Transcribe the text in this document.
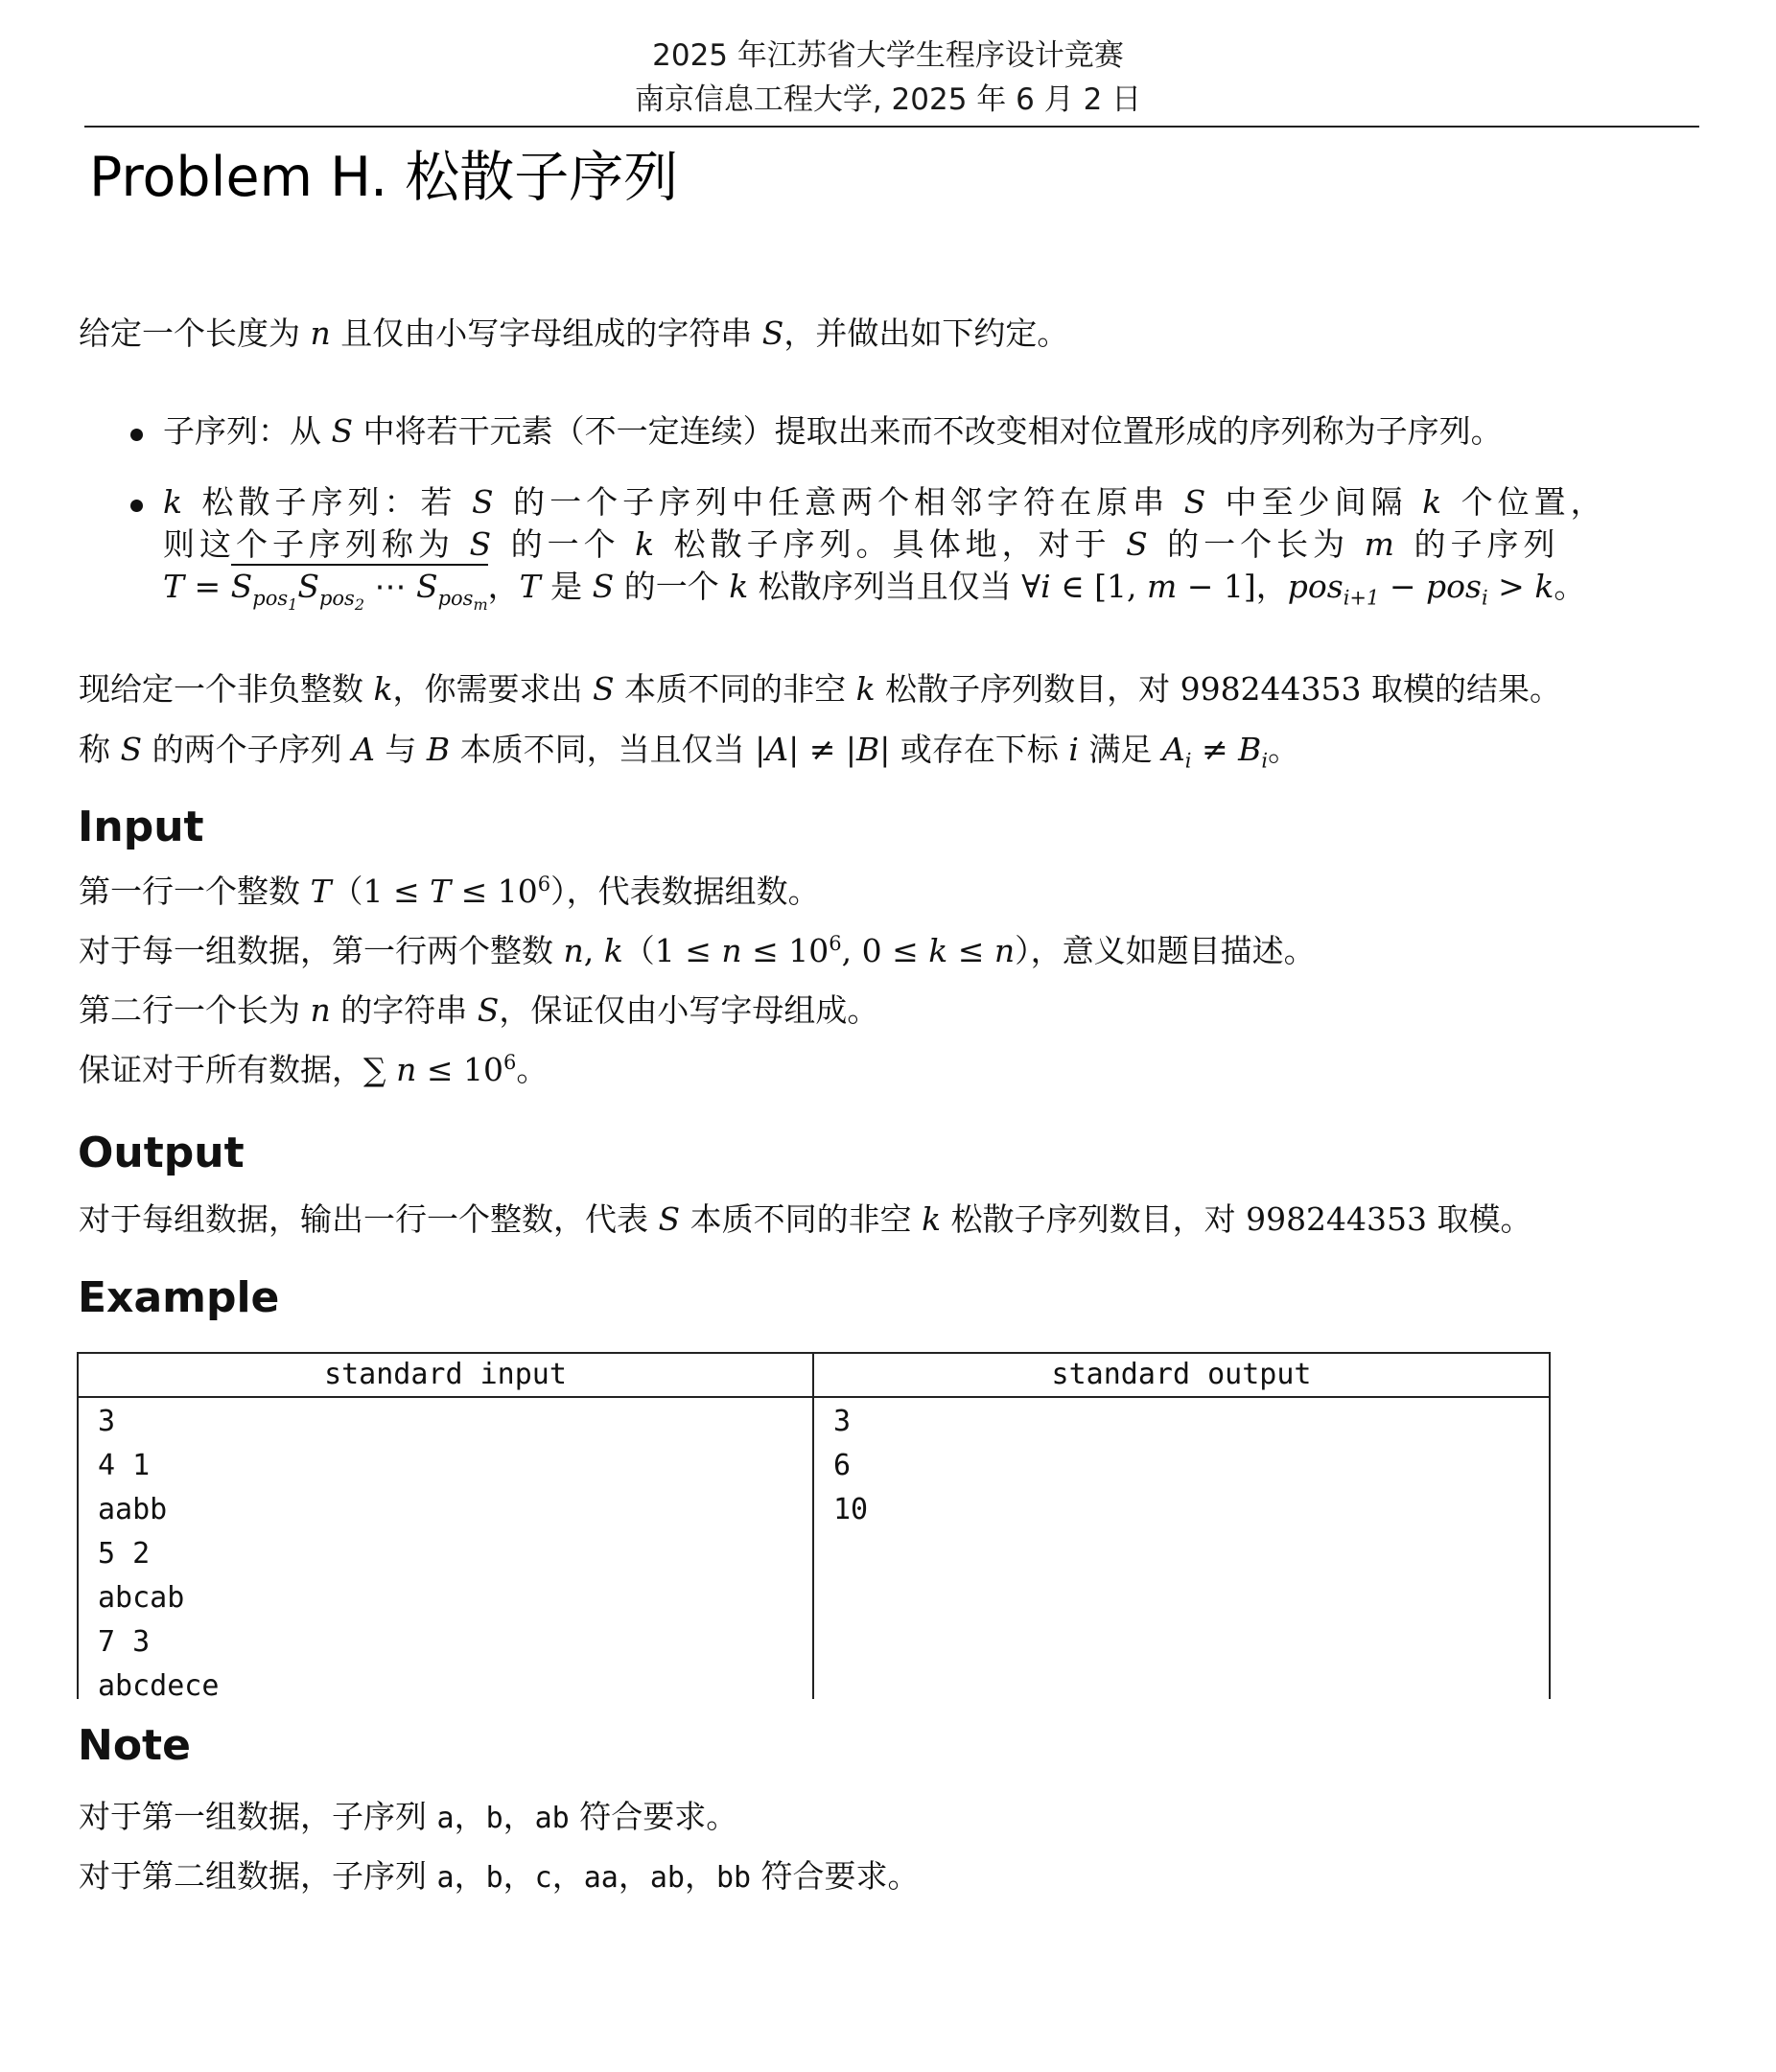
2025 年江苏省大学生程序设计竞赛
南京信息工程大学, 2025 年 6 月 2 日
Problem H. 松散子序列
给定一个长度为 n 且仅由小写字母组成的字符串 S，并做出如下约定。
子序列：从 S 中将若干元素（不一定连续）提取出来而不改变相对位置形成的序列称为子序列。
k 松散子序列：若 S 的一个子序列中任意两个相邻字符在原串 S 中至少间隔 k 个位置，
则这个子序列称为 S 的一个 k 松散子序列。具体地，对于 S 的一个长为 m 的子序列
$T = S_{pos_1}S_{pos_2}$ ⋯ $S_{pos_m}$，T 是 S 的一个 k 松散序列当且仅当 ∀i ∈ [1, m − 1]，pos$_{i+1}$ − pos$_i$ > k。
现给定一个非负整数 k，你需要求出 S 本质不同的非空 k 松散子序列数目，对 998244353 取模的结果。
称 S 的两个子序列 A 与 B 本质不同，当且仅当 |A| ≠ |B| 或存在下标 i 满足 $A_i \ne B_i$。
Input
第一行一个整数 $T(1 \le T \le 10^6)$，代表数据组数。
对于每一组数据，第一行两个整数 n, $k(1 \le n \le 10^6$, 0 ≤ k ≤ n），意义如题目描述。
第二行一个长为 n 的字符串 S，保证仅由小写字母组成。
保证对于所有数据，∑ $n \le 10^6$。
Output
对于每组数据，输出一行一个整数，代表 S 本质不同的非空 k 松散子序列数目，对 998244353 取模。
Example
standard input
3
4 1
aabb
5 2
abcab
7 3
abcdece
standard output
3
6
10
Note
对于第一组数据，子序列 a，b，ab 符合要求。
对于第二组数据，子序列 a，b，c，aa，ab，bb 符合要求。
